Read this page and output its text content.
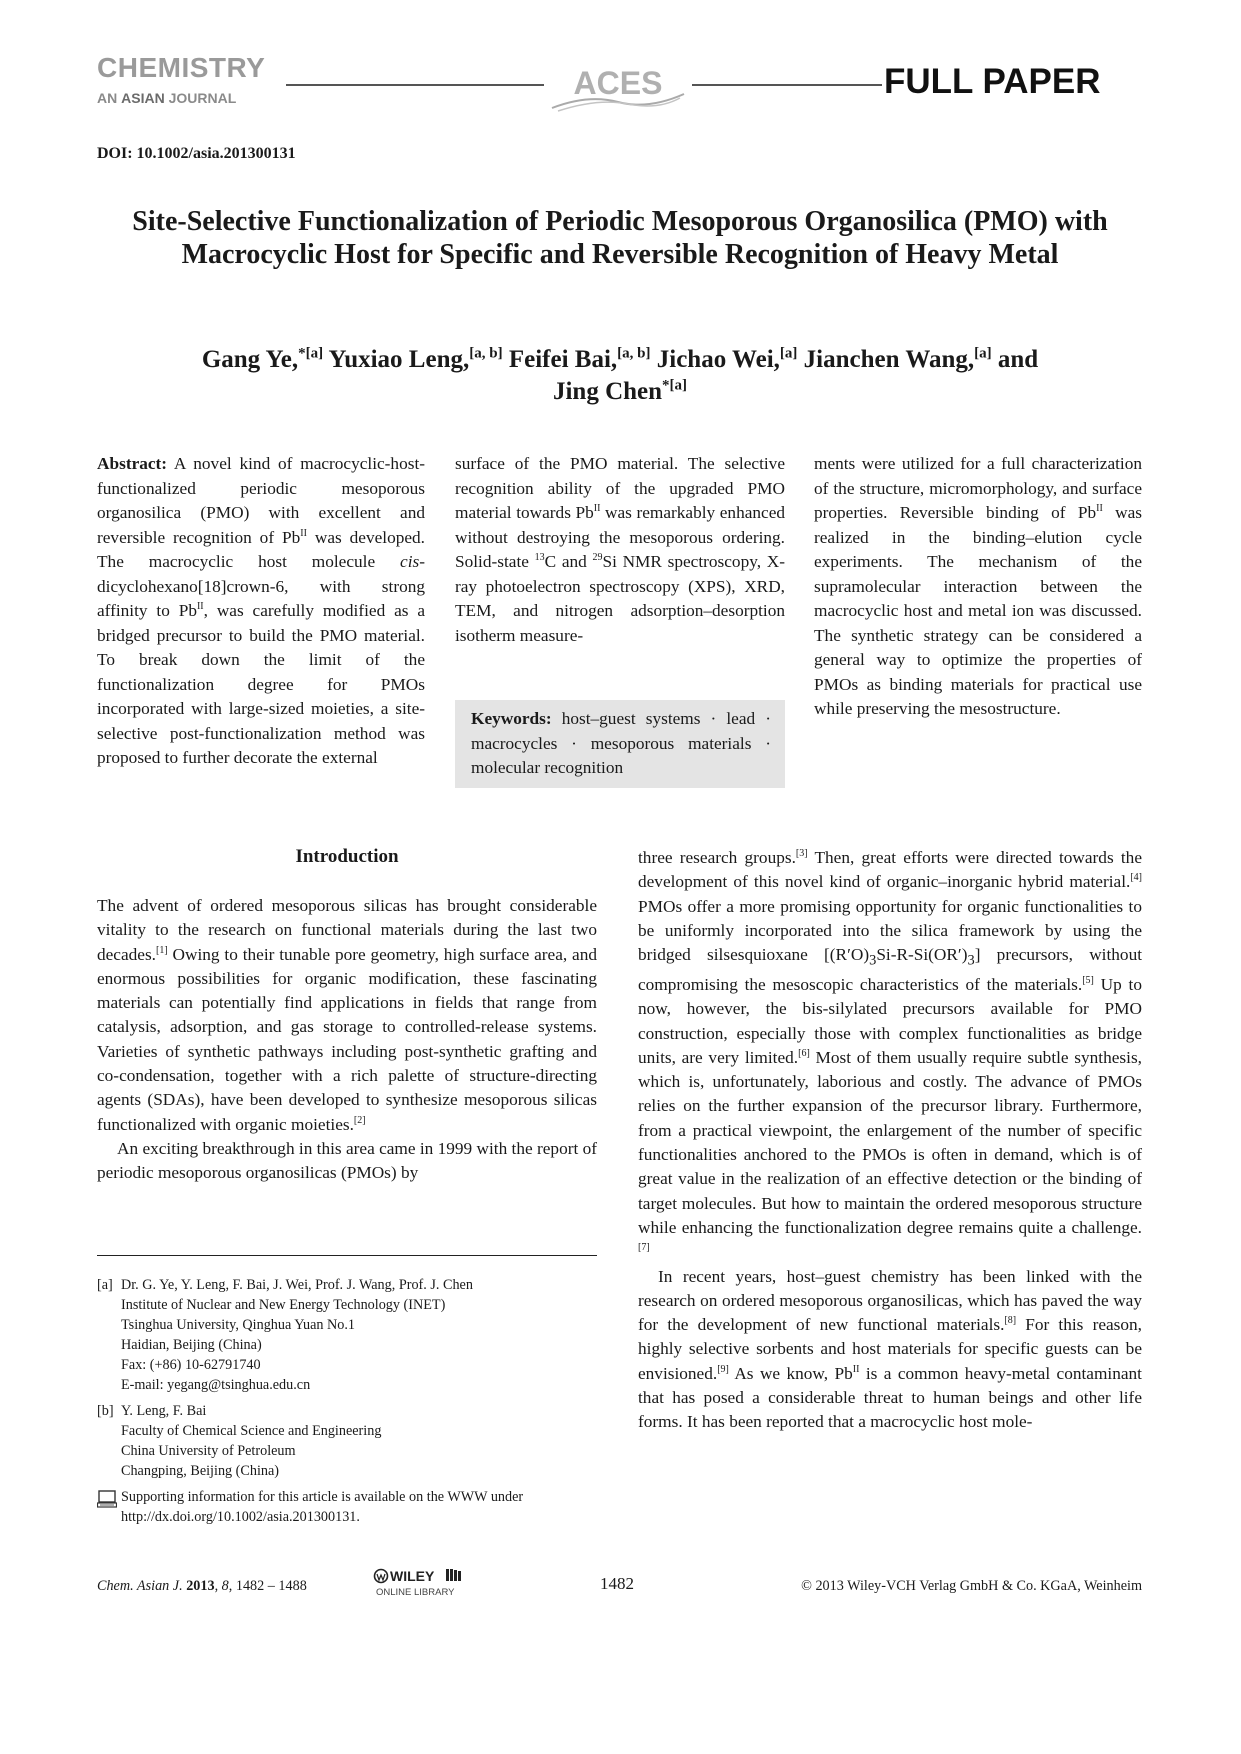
CHEMISTRY
AN ASIAN JOURNAL	ACES	FULL PAPER
DOI: 10.1002/asia.201300131
Site-Selective Functionalization of Periodic Mesoporous Organosilica (PMO) with Macrocyclic Host for Specific and Reversible Recognition of Heavy Metal
Gang Ye,$^{*[a]}$ Yuxiao Leng,[a, b] Feifei Bai,[a, b] Jichao Wei,[a] Jianchen Wang,[a] and
Jing Chen$^{*[a]}$
Abstract: A novel kind of macrocyclic-host-functionalized periodic mesoporous organosilica (PMO) with excellent and reversible recognition of $Pb^{II}$ was developed. The macrocyclic host molecule cis-dicyclohexano[18]crown-6, with strong affinity to $Pb^{II}$, was carefully modified as a bridged precursor to build the PMO material. To break down the limit of the functionalization degree for PMOs incorporated with large-sized moieties, a site-selective post-functionalization method was proposed to further decorate the external
surface of the PMO material. The selective recognition ability of the upgraded PMO material towards $Pb^{II}$ was remarkably enhanced without destroying the mesoporous ordering. Solid-state $^{13}$C and $^{29}$Si NMR spectroscopy, X-ray photoelectron spectroscopy (XPS), XRD, TEM, and nitrogen adsorption–desorption isotherm measure-
Keywords: host–guest systems · lead · macrocycles · mesoporous materials · molecular recognition
ments were utilized for a full characterization of the structure, micromorphology, and surface properties. Reversible binding of $Pb^{II}$ was realized in the binding–elution cycle experiments. The mechanism of the supramolecular interaction between the macrocyclic host and metal ion was discussed. The synthetic strategy can be considered a general way to optimize the properties of PMOs as binding materials for practical use while preserving the mesostructure.
Introduction

The advent of ordered mesoporous silicas has brought considerable vitality to the research on functional materials during the last two decades.[1] Owing to their tunable pore geometry, high surface area, and enormous possibilities for organic modification, these fascinating materials can potentially find applications in fields that range from catalysis, adsorption, and gas storage to controlled-release systems. Varieties of synthetic pathways including post-synthetic grafting and co-condensation, together with a rich palette of structure-directing agents (SDAs), have been developed to synthesize mesoporous silicas functionalized with organic moieties.[2]

An exciting breakthrough in this area came in 1999 with the report of periodic mesoporous organosilicas (PMOs) by

[a] Dr. G. Ye, Y. Leng, F. Bai, J. Wei, Prof. J. Wang, Prof. J. Chen
Institute of Nuclear and New Energy Technology (INET)
Tsinghua University, Qinghua Yuan No.1
Haidian, Beijing (China)
Fax: (+86) 10-62791740
E-mail: yegang@tsinghua.edu.cn
[b] Y. Leng, F. Bai
Faculty of Chemical Science and Engineering
China University of Petroleum
Changping, Beijing (China)
Supporting information for this article is available on the WWW under http://dx.doi.org/10.1002/asia.201300131.

three research groups.[3] Then, great efforts were directed towards the development of this novel kind of organic–inorganic hybrid material.[4] PMOs offer a more promising opportunity for organic functionalities to be uniformly incorporated into the silica framework by using the bridged silsesquioxane $[(R'O)_3Si-R-Si(OR')_3]$ precursors, without compromising the mesoscopic characteristics of the materials.[5] Up to now, however, the bis-silylated precursors available for PMO construction, especially those with complex functionalities as bridge units, are very limited.[6] Most of them usually require subtle synthesis, which is, unfortunately, laborious and costly. The advance of PMOs relies on the further expansion of the precursor library. Furthermore, from a practical viewpoint, the enlargement of the number of specific functionalities anchored to the PMOs is often in demand, which is of great value in the realization of an effective detection or the binding of target molecules. But how to maintain the ordered mesoporous structure while enhancing the functionalization degree remains quite a challenge.[7]

In recent years, host–guest chemistry has been linked with the research on ordered mesoporous organosilicas, which has paved the way for the development of new functional materials.[8] For this reason, highly selective sorbents and host materials for specific guests can be envisioned.[9] As we know, $Pb^{II}$ is a common heavy-metal contaminant that has posed a considerable threat to human beings and other life forms. It has been reported that a macrocyclic host mole-

Chem. Asian J. 2013, 8, 1482 – 1488
WILEY
ONLINE LIBRARY	1482	© 2013 Wiley-VCH Verlag GmbH & Co. KGaA, Weinheim
